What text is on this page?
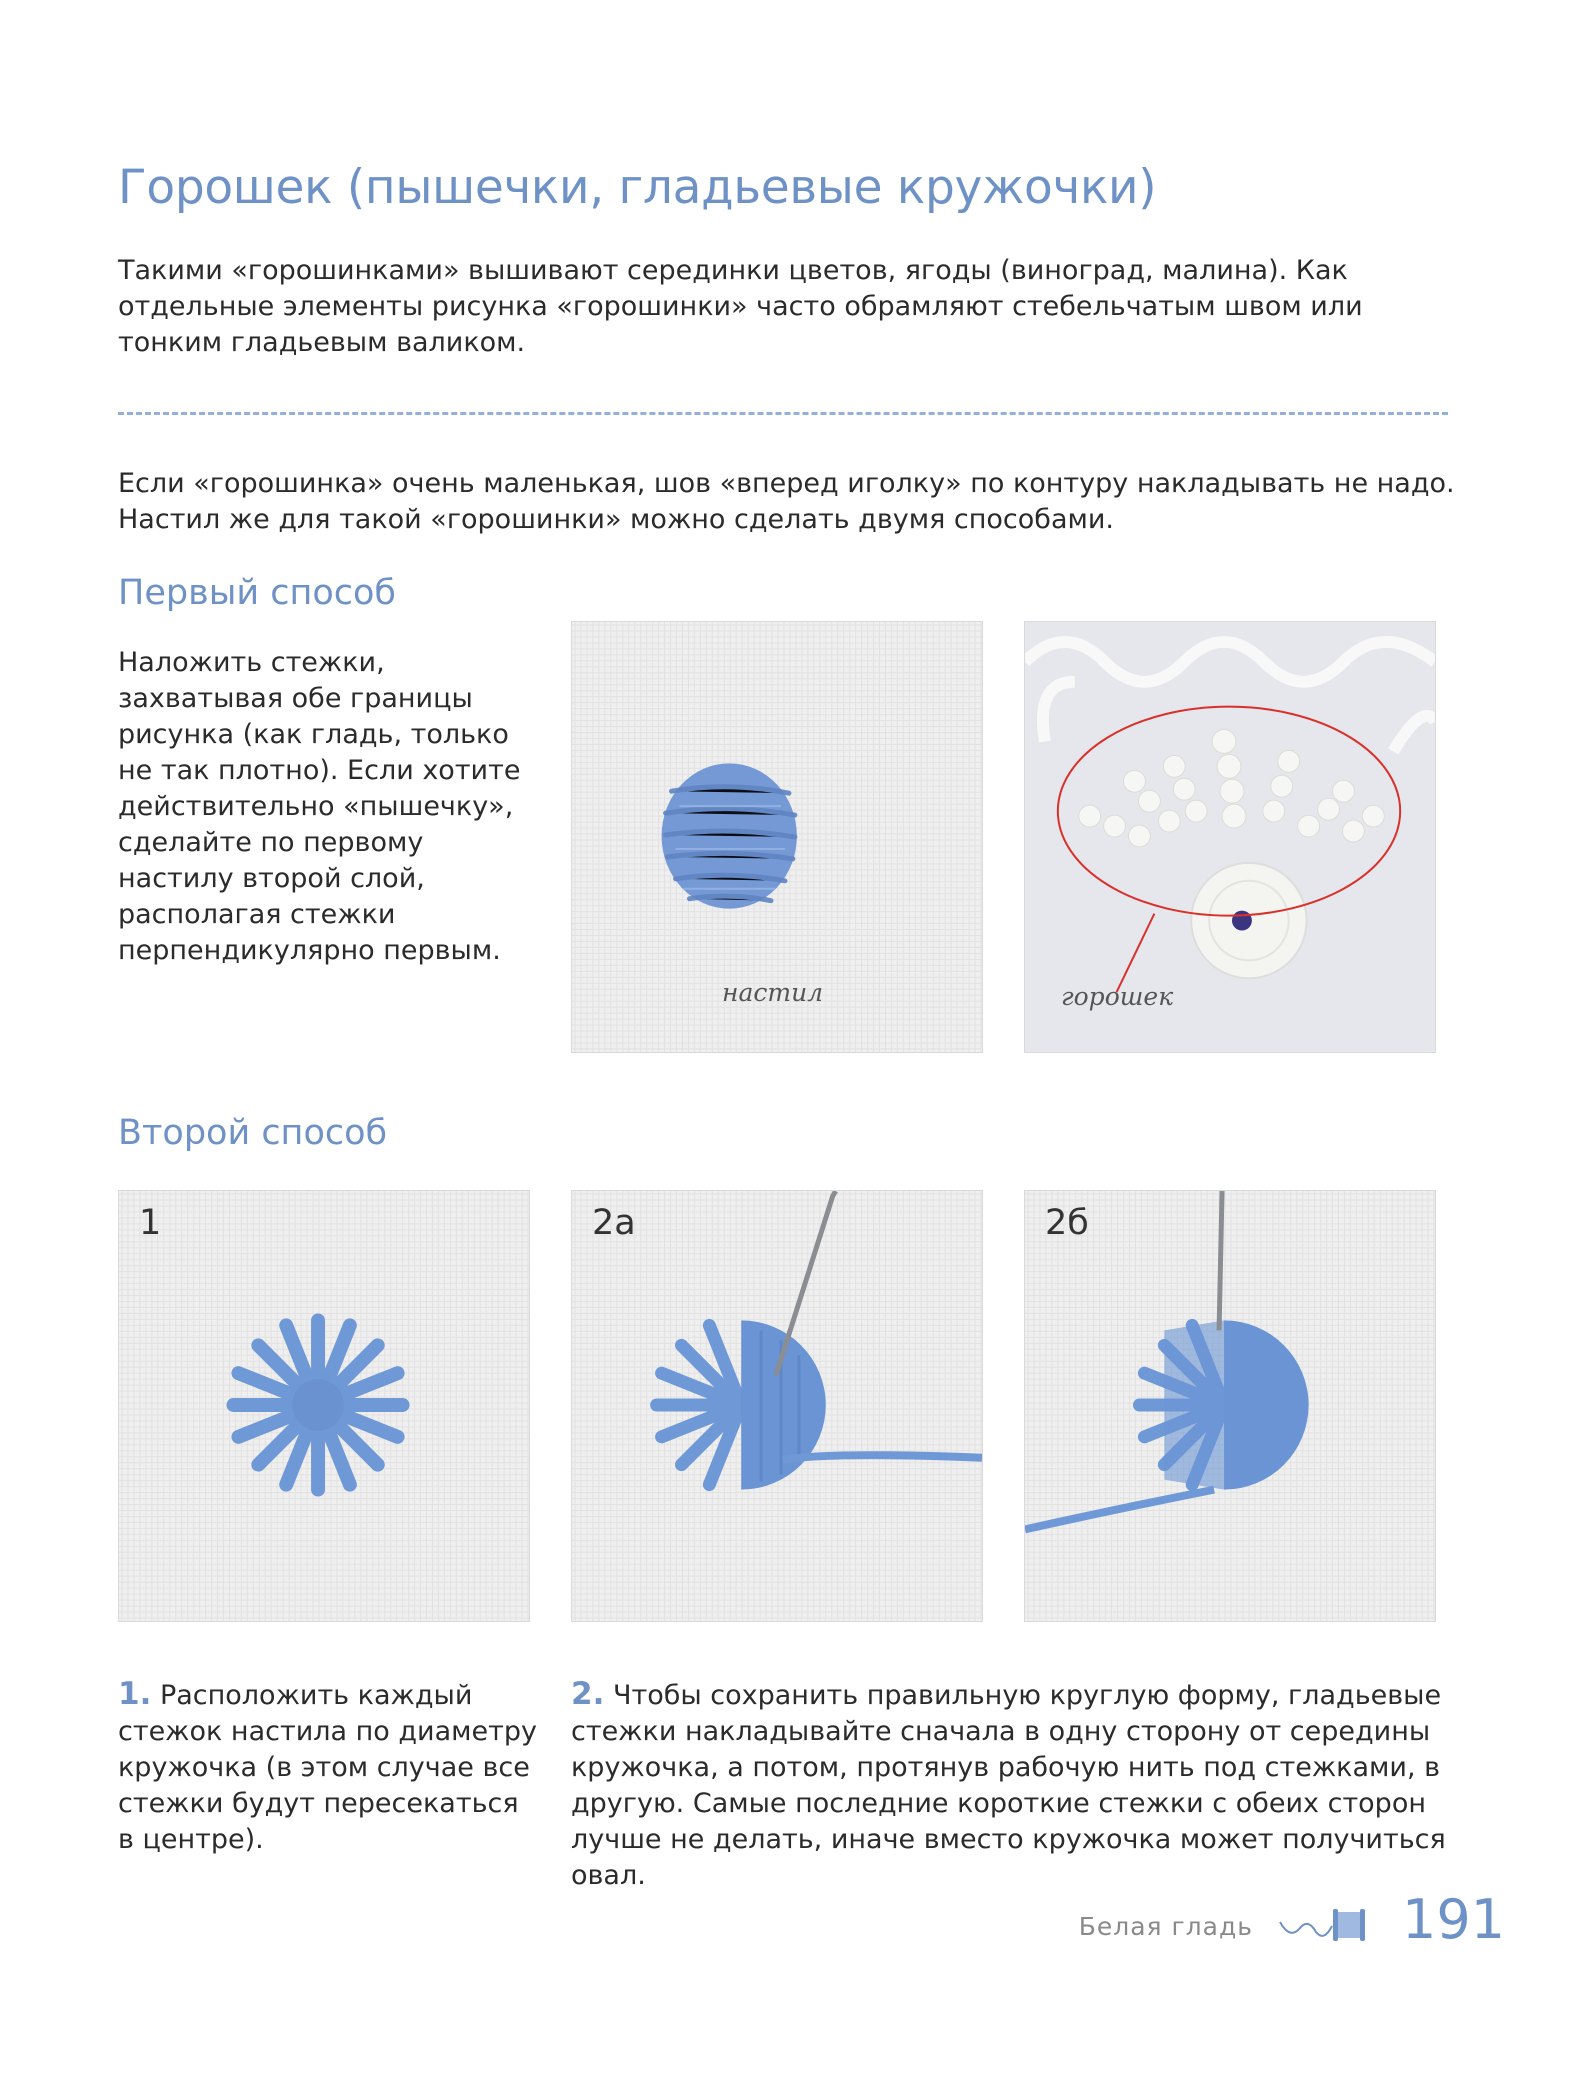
Горошек (пышечки, гладьевые кружочки)

Такими «горошинками» вышивают серединки цветов, ягоды (виноград, малина). Как отдельные элементы рисунка «горошинки» часто обрамляют стебельчатым швом или тонким гладьевым валиком.

Если «горошинка» очень маленькая, шов «вперед иголку» по контуру накладывать не надо. Настил же для такой «горошинки» можно сделать двумя способами.

Первый способ

Наложить стежки, захватывая обе границы рисунка (как гладь, только не так плотно). Если хотите действительно «пышечку», сделайте по первому настилу второй слой, располагая стежки перпендикулярно первым.

настил	горошек
Второй способ
1	2а	2б

1. Расположить каждый стежок настила по диаметру кружочка (в этом случае все стежки будут пересекаться в центре).

2. Чтобы сохранить правильную круглую форму, гладьевые стежки накладывайте сначала в одну сторону от середины кружочка, а потом, протянув рабочую нить под стежками, в другую. Самые последние короткие стежки с обеих сторон лучше не делать, иначе вместо кружочка может получиться овал.

Белая гладь	191
